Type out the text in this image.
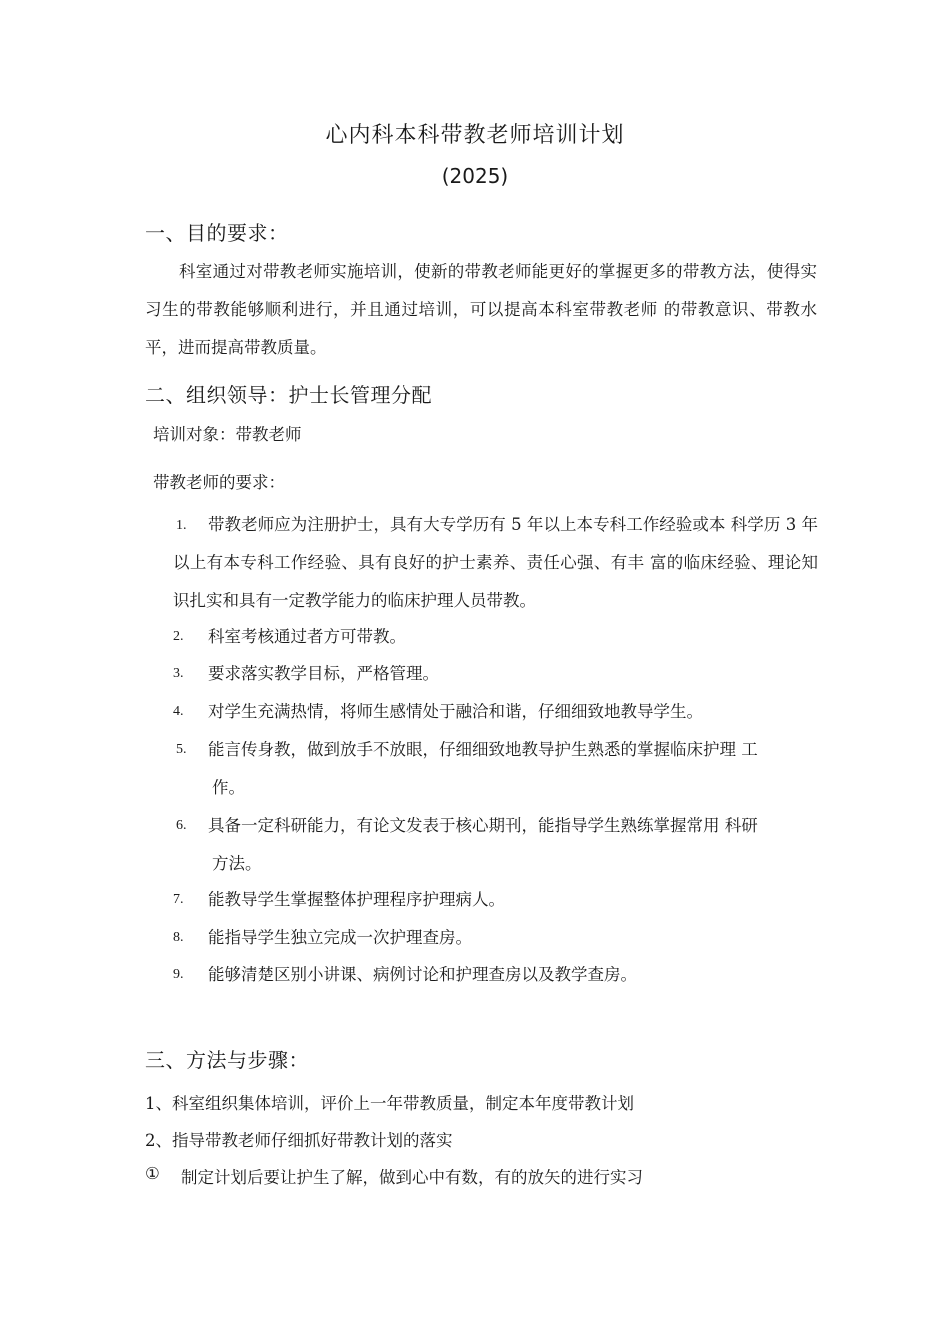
心内科本科带教老师培训计划
(2025)
一、目的要求：
科室通过对带教老师实施培训，使新的带教老师能更好的掌握更多的带教方法，使得实习生的带教能够顺利进行，并且通过培训，可以提高本科室带教老师 的带教意识、带教水平，进而提高带教质量。
二、组织领导：护士长管理分配
培训对象：带教老师
带教老师的要求：
1.	带教老师应为注册护士，具有大专学历有 5 年以上本专科工作经验或本 科学历 3 年以上有本专科工作经验、具有良好的护士素养、责任心强、有丰 富的临床经验、理论知识扎实和具有一定教学能力的临床护理人员带教。
2. 科室考核通过者方可带教。
3. 要求落实教学目标，严格管理。
4. 对学生充满热情，将师生感情处于融洽和谐，仔细细致地教导学生。
5. 能言传身教，做到放手不放眼，仔细细致地教导护生熟悉的掌握临床护理 工
作。
6. 具备一定科研能力，有论文发表于核心期刊，能指导学生熟练掌握常用 科研
方法。
7. 能教导学生掌握整体护理程序护理病人。
8. 能指导学生独立完成一次护理查房。
9. 能够清楚区别小讲课、病例讨论和护理查房以及教学查房。
三、方法与步骤：
1、科室组织集体培训，评价上一年带教质量，制定本年度带教计划
2、指导带教老师仔细抓好带教计划的落实
① 制定计划后要让护生了解，做到心中有数，有的放矢的进行实习
